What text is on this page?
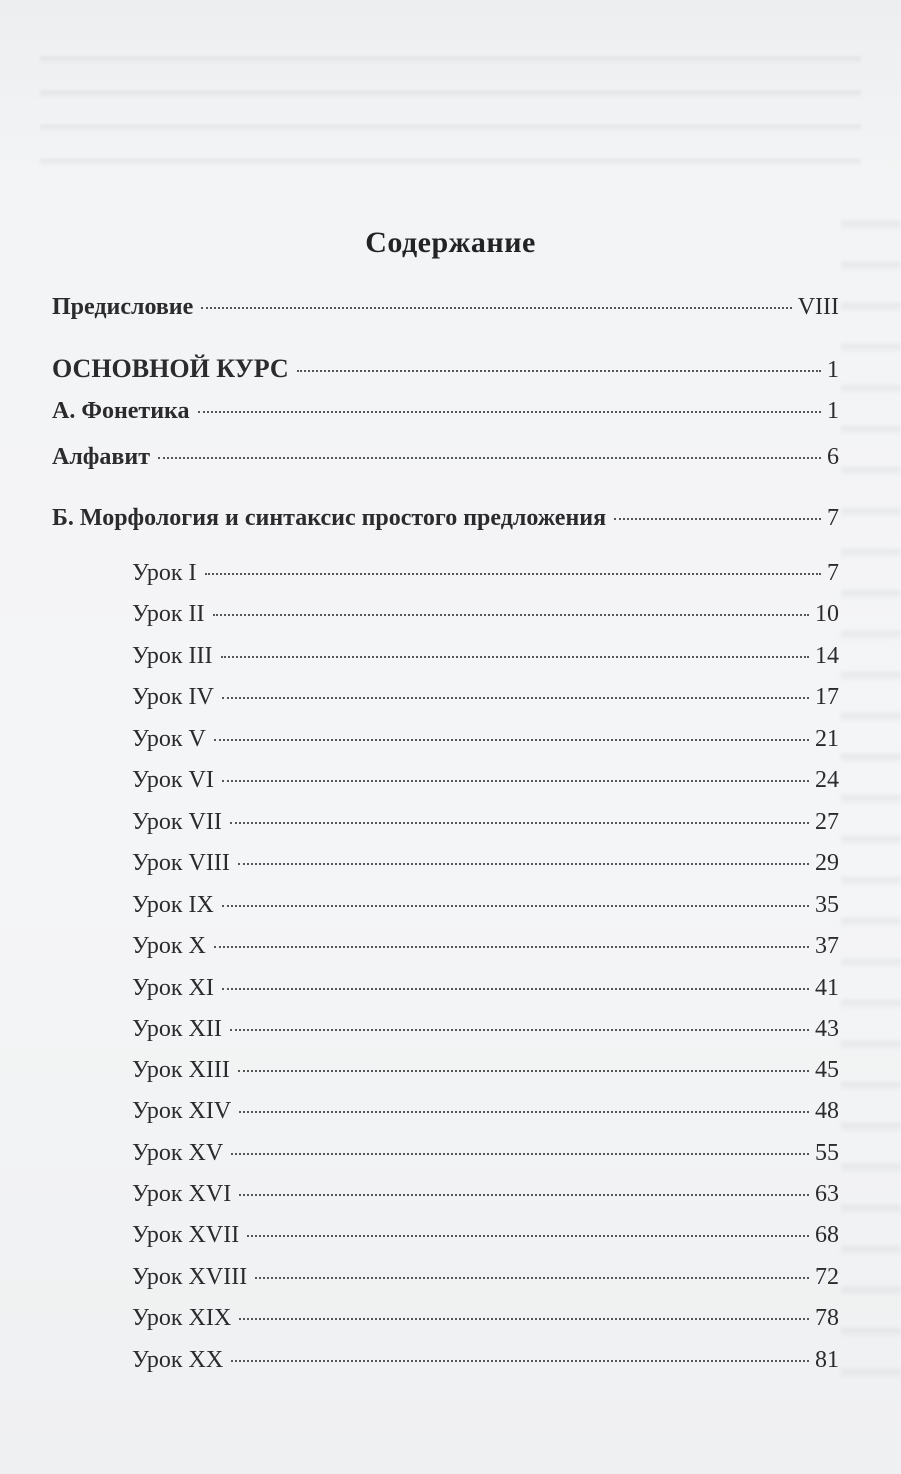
Содержание
Предисловие	VIII
ОСНОВНОЙ КУРС	1
А. Фонетика	1
Алфавит	6
Б. Морфология и синтаксис простого предложения	7
Урок I	7
Урок II	10
Урок III	14
Урок IV	17
Урок V	21
Урок VI	24
Урок VII	27
Урок VIII	29
Урок IX	35
Урок X	37
Урок XI	41
Урок XII	43
Урок XIII	45
Урок XIV	48
Урок XV	55
Урок XVI	63
Урок XVII	68
Урок XVIII	72
Урок XIX	78
Урок XX	81
